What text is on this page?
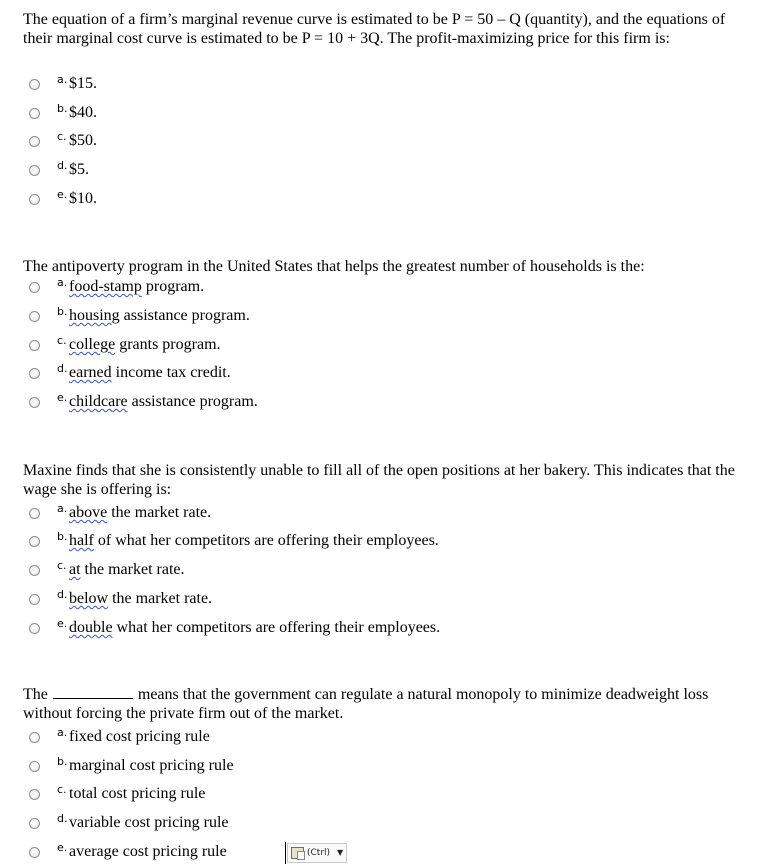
The equation of a firm’s marginal revenue curve is estimated to be P = 50 – Q (quantity), and the equations of their marginal cost curve is estimated to be P = 10 + 3Q. The profit-maximizing price for this firm is:

a. $15.
b. $40.
c. $50.
d. $5.
e. $10.

The antipoverty program in the United States that helps the greatest number of households is the:

a. food-stamp program.
b. housing assistance program.
c. college grants program.
d. earned income tax credit.
e. childcare assistance program.

Maxine finds that she is consistently unable to fill all of the open positions at her bakery. This indicates that the wage she is offering is:

a. above the market rate.
b. half of what her competitors are offering their employees.
c. at the market rate.
d. below the market rate.
e. double what her competitors are offering their employees.

The	means that the government can regulate a natural monopoly to minimize deadweight loss without forcing the private firm out of the market.

a. fixed cost pricing rule
b. marginal cost pricing rule
c. total cost pricing rule
d. variable cost pricing rule
e. average cost pricing rule	(Ctrl) ▼
